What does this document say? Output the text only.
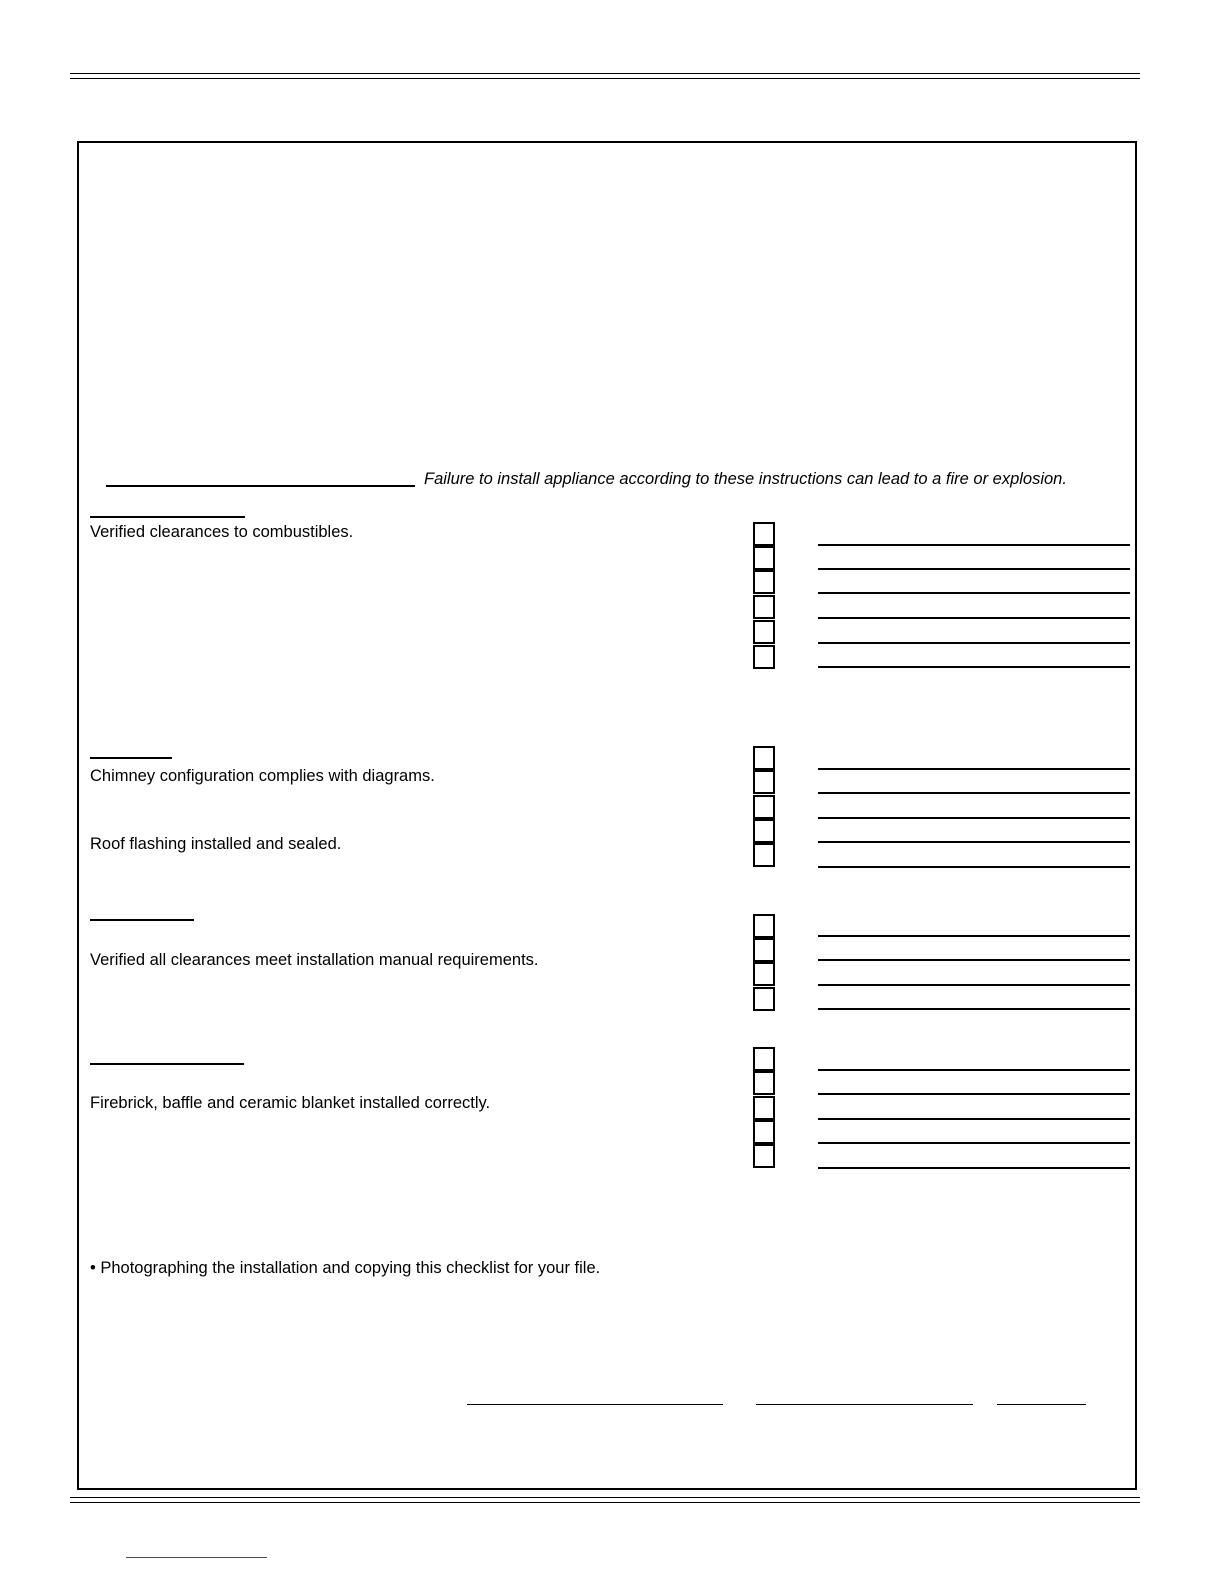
Failure to install appliance according to these instructions can lead to a fire or explosion.
Verified clearances to combustibles.
Chimney configuration complies with diagrams.
Roof flashing installed and sealed.
Verified all clearances meet installation manual requirements.
Firebrick, baffle and ceramic blanket installed correctly.
• Photographing the installation and copying this checklist for your file.
